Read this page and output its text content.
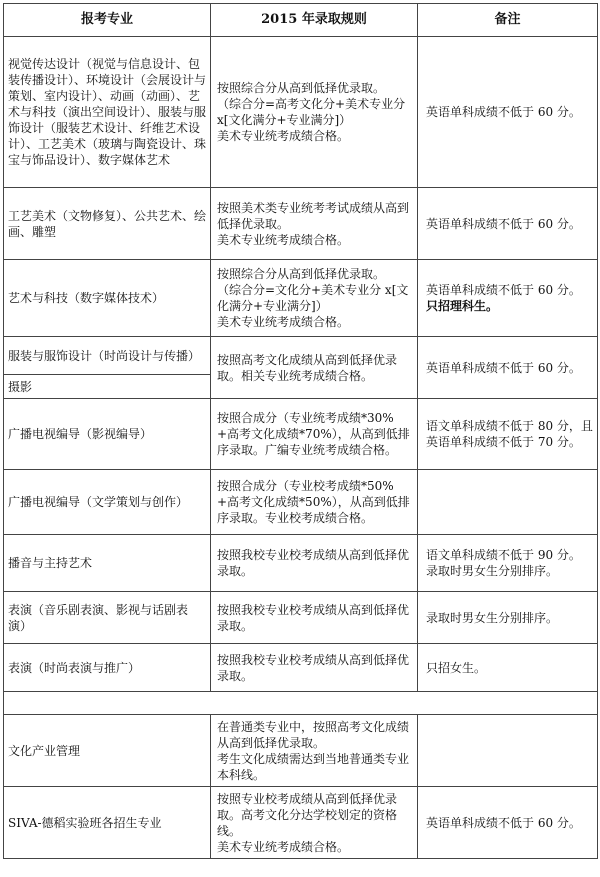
报考专业	2015 年录取规则	备注
视觉传达设计（视觉与信息设计、包装传播设计）、环境设计（会展设计与策划、室内设计）、动画（动画）、艺术与科技（演出空间设计）、服装与服饰设计（服装艺术设计、纤维艺术设计）、工艺美术（玻璃与陶瓷设计、珠宝与饰品设计）、数字媒体艺术	按照综合分从高到低择优录取。
（综合分=高考文化分+美术专业分 x[文化满分+专业满分]）
美术专业统考成绩合格。	英语单科成绩不低于 60 分。

工艺美术（文物修复）、公共艺术、绘画、雕塑	按照美术类专业统考考试成绩从高到低择优录取。
美术专业统考成绩合格。	英语单科成绩不低于 60 分。

艺术与科技（数字媒体技术）	按照综合分从高到低择优录取。
（综合分=文化分+美术专业分 x[文化满分+专业满分]）
美术专业统考成绩合格。	英语单科成绩不低于 60 分。
只招理科生。

服装与服饰设计（时尚设计与传播）	按照高考文化成绩从高到低择优录取。相关专业统考成绩合格。	英语单科成绩不低于 60 分。

摄影		
广播电视编导（影视编导）	按照合成分（专业统考成绩*30%+高考文化成绩*70%），从高到低排序录取。广编专业统考成绩合格。	语文单科成绩不低于 80 分，且英语单科成绩不低于 70 分。

广播电视编导（文学策划与创作）	按照合成分（专业校考成绩*50%+高考文化成绩*50%），从高到低排序录取。专业校考成绩合格。	

播音与主持艺术	按照我校专业校考成绩从高到低择优录取。	语文单科成绩不低于 90 分。
录取时男女生分别排序。

表演（音乐剧表演、影视与话剧表演）	按照我校专业校考成绩从高到低择优录取。	录取时男女生分别排序。

表演（时尚表演与推广）	按照我校专业校考成绩从高到低择优录取。	只招女生。

文化产业管理	在普通类专业中，按照高考文化成绩从高到低择优录取。
考生文化成绩需达到当地普通类专业本科线。	

SIVA-德稻实验班各招生专业	按照专业校考成绩从高到低择优录取。高考文化分达学校划定的资格线。
美术专业统考成绩合格。	英语单科成绩不低于 60 分。
